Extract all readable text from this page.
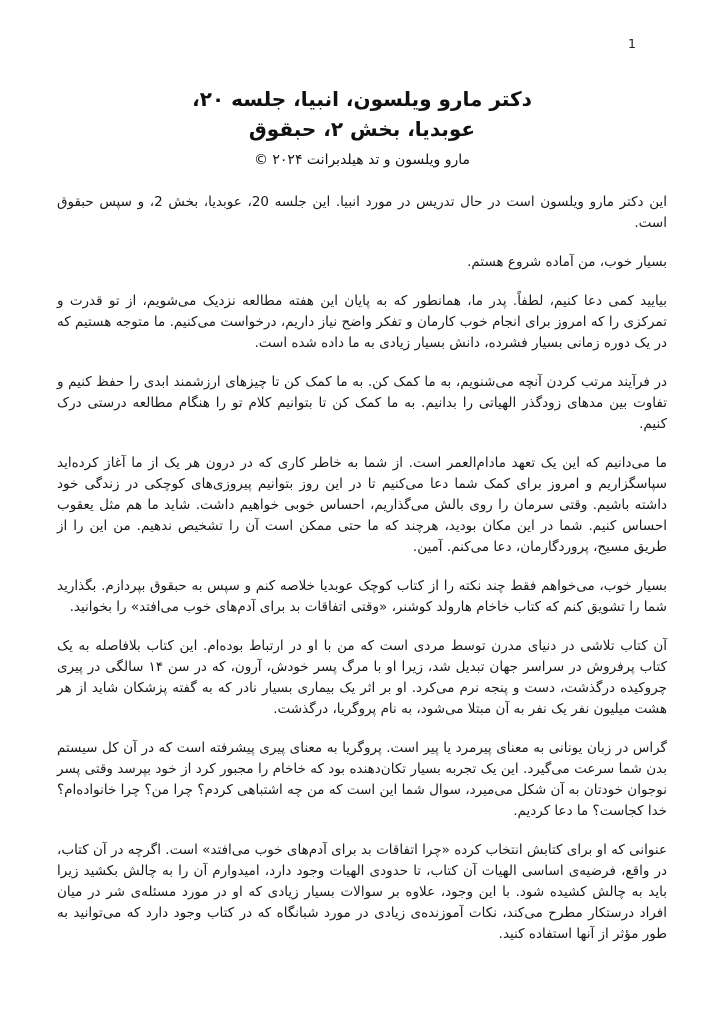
1
دکتر مارو ویلسون، انبیا، جلسه ۲۰،
عوبدیا، بخش ۲، حبقوق
مارو ویلسون و تد هیلدبرانت ۲۰۲۴ ©

این دکتر مارو ویلسون است در حال تدریس در مورد انبیا. این جلسه 20، عوبدیا، بخش 2، و سپس حبقوق است.

بسیار خوب، من آماده شروع هستم.

بیایید کمی دعا کنیم، لطفاً. پدر ما، همانطور که به پایان این هفته مطالعه نزدیک می‌شویم، از تو قدرت و تمرکزی را که امروز برای انجام خوب کارمان و تفکر واضح نیاز داریم، درخواست می‌کنیم. ما متوجه هستیم که در یک دوره زمانی بسیار فشرده، دانش بسیار زیادی به ما داده شده است.

در فرآیند مرتب کردن آنچه می‌شنویم، به ما کمک کن. به ما کمک کن تا چیزهای ارزشمند ابدی را حفظ کنیم و تفاوت بین مدهای زودگذر الهیاتی را بدانیم. به ما کمک کن تا بتوانیم کلام تو را هنگام مطالعه درستی درک کنیم.

ما می‌دانیم که این یک تعهد مادام‌العمر است. از شما به خاطر کاری که در درون هر یک از ما آغاز کرده‌اید سپاسگزاریم و امروز برای کمک شما دعا می‌کنیم تا در این روز بتوانیم پیروزی‌های کوچکی در زندگی خود داشته باشیم. وقتی سرمان را روی بالش می‌گذاریم، احساس خوبی خواهیم داشت. شاید ما هم مثل یعقوب احساس کنیم. شما در این مکان بودید، هرچند که ما حتی ممکن است آن را تشخیص ندهیم. من این را از طریق مسیح، پروردگارمان، دعا می‌کنم. آمین.

بسیار خوب، می‌خواهم فقط چند نکته را از کتاب کوچک عوبدیا خلاصه کنم و سپس به حبقوق بپردازم. بگذارید شما را تشویق کنم که کتاب خاخام هارولد کوشنر، «وقتی اتفاقات بد برای آدم‌های خوب می‌افتد» را بخوانید.

آن کتاب تلاشی در دنیای مدرن توسط مردی است که من با او در ارتباط بوده‌ام. این کتاب بلافاصله به یک کتاب پرفروش در سراسر جهان تبدیل شد، زیرا او با مرگ پسر خودش، آرون، که در سن ۱۴ سالگی در پیری چروکیده درگذشت، دست و پنجه نرم می‌کرد. او بر اثر یک بیماری بسیار نادر که به گفته پزشکان شاید از هر هشت میلیون نفر یک نفر به آن مبتلا می‌شود، به نام پروگریا، درگذشت.

گراس در زبان یونانی به معنای پیرمرد یا پیر است. پروگریا به معنای پیری پیشرفته است که در آن کل سیستم بدن شما سرعت می‌گیرد. این یک تجربه بسیار تکان‌دهنده بود که خاخام را مجبور کرد از خود بپرسد وقتی پسر نوجوان خودتان به آن شکل می‌میرد، سوال شما این است که من چه اشتباهی کردم؟ چرا من؟ چرا خانواده‌ام؟ خدا کجاست؟ ما دعا کردیم.

عنوانی که او برای کتابش انتخاب کرده «چرا اتفاقات بد برای آدم‌های خوب می‌افتد» است. اگرچه در آن کتاب، در واقع، فرضیه‌ی اساسی الهیات آن کتاب، تا حدودی الهیات وجود دارد، امیدوارم آن را به چالش بکشید زیرا باید به چالش کشیده شود. با این وجود، علاوه بر سوالات بسیار زیادی که او در مورد مسئله‌ی شر در میان افراد درستکار مطرح می‌کند، نکات آموزنده‌ی زیادی در مورد شبانگاه که در کتاب وجود دارد که می‌توانید به طور مؤثر از آنها استفاده کنید.
